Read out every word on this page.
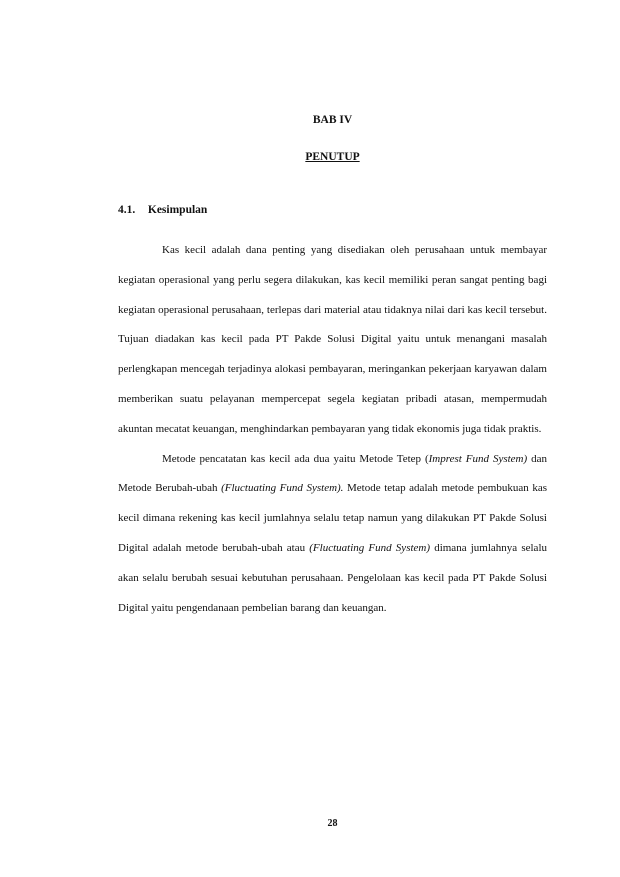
BAB IV
PENUTUP
4.1. Kesimpulan

Kas kecil adalah dana penting yang disediakan oleh perusahaan untuk membayar kegiatan operasional yang perlu segera dilakukan, kas kecil memiliki peran sangat penting bagi kegiatan operasional perusahaan, terlepas dari material atau tidaknya nilai dari kas kecil tersebut. Tujuan diadakan kas kecil pada PT Pakde Solusi Digital yaitu untuk menangani masalah perlengkapan mencegah terjadinya alokasi pembayaran, meringankan pekerjaan karyawan dalam memberikan suatu pelayanan mempercepat segela kegiatan pribadi atasan, mempermudah akuntan mecatat keuangan, menghindarkan pembayaran yang tidak ekonomis juga tidak praktis.

Metode pencatatan kas kecil ada dua yaitu Metode Tetep (Imprest Fund System) dan Metode Berubah-ubah (Fluctuating Fund System). Metode tetap adalah metode pembukuan kas kecil dimana rekening kas kecil jumlahnya selalu tetap namun yang dilakukan PT Pakde Solusi Digital adalah metode berubah-ubah atau (Fluctuating Fund System) dimana jumlahnya selalu akan selalu berubah sesuai kebutuhan perusahaan. Pengelolaan kas kecil pada PT Pakde Solusi Digital yaitu pengendanaan pembelian barang dan keuangan.

28
